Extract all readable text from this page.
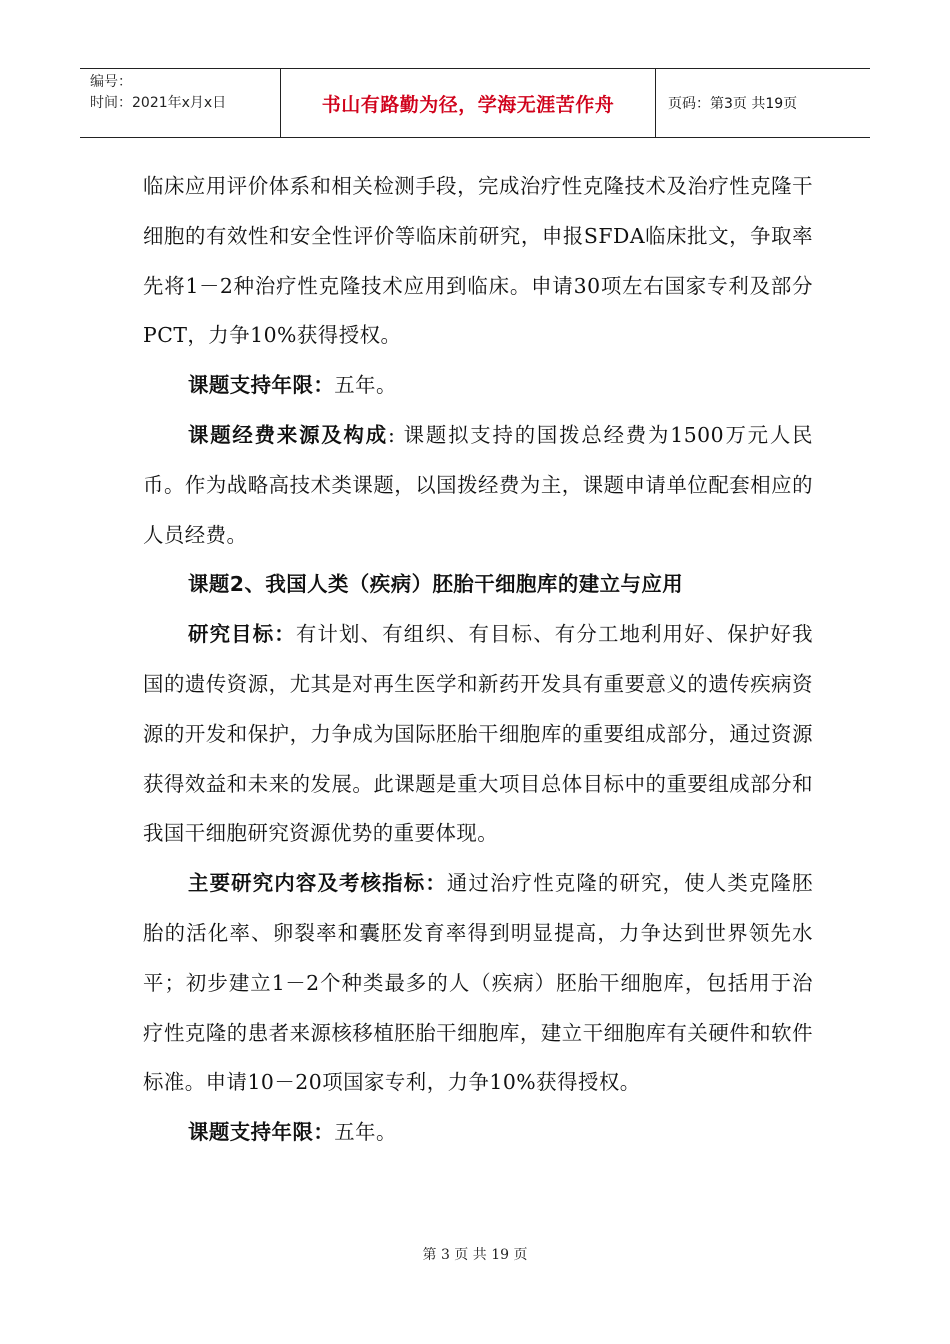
编号：
时间：2021年x月x日	书山有路勤为径，学海无涯苦作舟	页码：第3页 共19页

临床应用评价体系和相关检测手段，完成治疗性克隆技术及治疗性克隆干细胞的有效性和安全性评价等临床前研究，申报SFDA临床批文，争取率先将1－2种治疗性克隆技术应用到临床。申请30项左右国家专利及部分PCT，力争10%获得授权。

课题支持年限：五年。

课题经费来源及构成: 课题拟支持的国拨总经费为1500万元人民币。作为战略高技术类课题，以国拨经费为主，课题申请单位配套相应的人员经费。

课题2、我国人类（疾病）胚胎干细胞库的建立与应用

研究目标：有计划、有组织、有目标、有分工地利用好、保护好我国的遗传资源，尤其是对再生医学和新药开发具有重要意义的遗传疾病资源的开发和保护，力争成为国际胚胎干细胞库的重要组成部分，通过资源获得效益和未来的发展。此课题是重大项目总体目标中的重要组成部分和我国干细胞研究资源优势的重要体现。

主要研究内容及考核指标：通过治疗性克隆的研究，使人类克隆胚胎的活化率、卵裂率和囊胚发育率得到明显提高，力争达到世界领先水平；初步建立1－2个种类最多的人（疾病）胚胎干细胞库，包括用于治疗性克隆的患者来源核移植胚胎干细胞库，建立干细胞库有关硬件和软件标准。申请10－20项国家专利，力争10%获得授权。

课题支持年限：五年。

第 3 页 共 19 页
